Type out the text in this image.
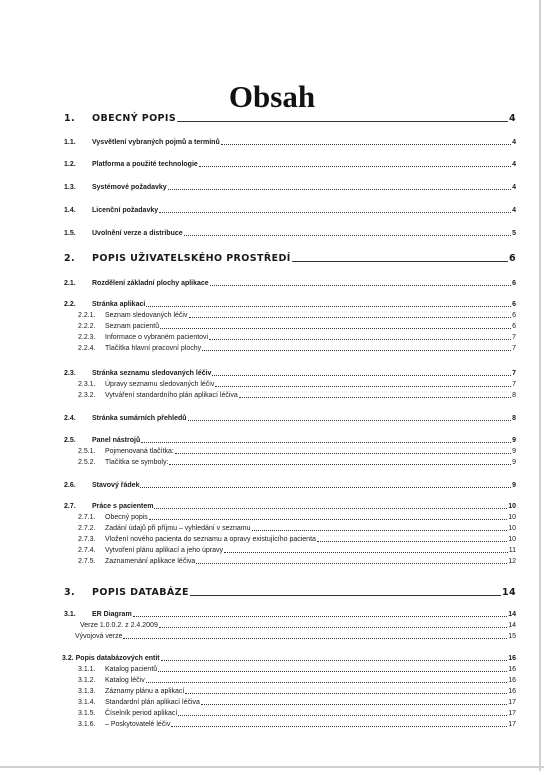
Obsah
1. OBECNÝ POPIS	4
1.1. Vysvětlení vybraných pojmů a termínů	4
1.2. Platforma a použité technologie	4
1.3. Systémové požadavky	4
1.4. Licenční požadavky	4
1.5. Uvolnění verze a distribuce	5
2. POPIS UŽIVATELSKÉHO PROSTŘEDÍ	6
2.1. Rozdělení základní plochy aplikace	6
2.2. Stránka aplikací	6
2.2.1. Seznam sledovaných léčiv	6
2.2.2. Seznam pacientů	6
2.2.3. Informace o vybraném pacientovi	7
2.2.4. Tlačítka hlavní pracovní plochy	7
2.3. Stránka seznamu sledovaných léčiv	7
2.3.1. Úpravy seznamu sledovaných léčiv	7
2.3.2. Vytváření standardního plán aplikací léčiva	8
2.4. Stránka sumárních přehledů	8
2.5. Panel nástrojů	9
2.5.1. Pojmenovaná tlačítka:	9
2.5.2. Tlačítka se symboly:	9
2.6. Stavový řádek	9
2.7. Práce s pacientem	10
2.7.1. Obecný popis	10
2.7.2. Zadání údajů při příjmu – vyhledání v seznamu	10
2.7.3. Vložení nového pacienta do seznamu a opravy existujícího pacienta	10
2.7.4. Vytvoření plánu aplikací a jeho úpravy	11
2.7.5. Zaznamenání aplikace léčiva	12
3. POPIS DATABÁZE	14
3.1. ER Diagram	14
Verze 1.0.0.2. z 2.4.2009	14
Vývojová verze	15
3.2. Popis databázových entit	16
3.1.1. Katalog pacientů	16
3.1.2. Katalog léčiv	16
3.1.3. Záznamy plánu a aplikací	16
3.1.4. Standardní plán aplikací léčiva	17
3.1.5. Číselník period aplikací	17
3.1.6. – Poskytovatelé léčiv	17
